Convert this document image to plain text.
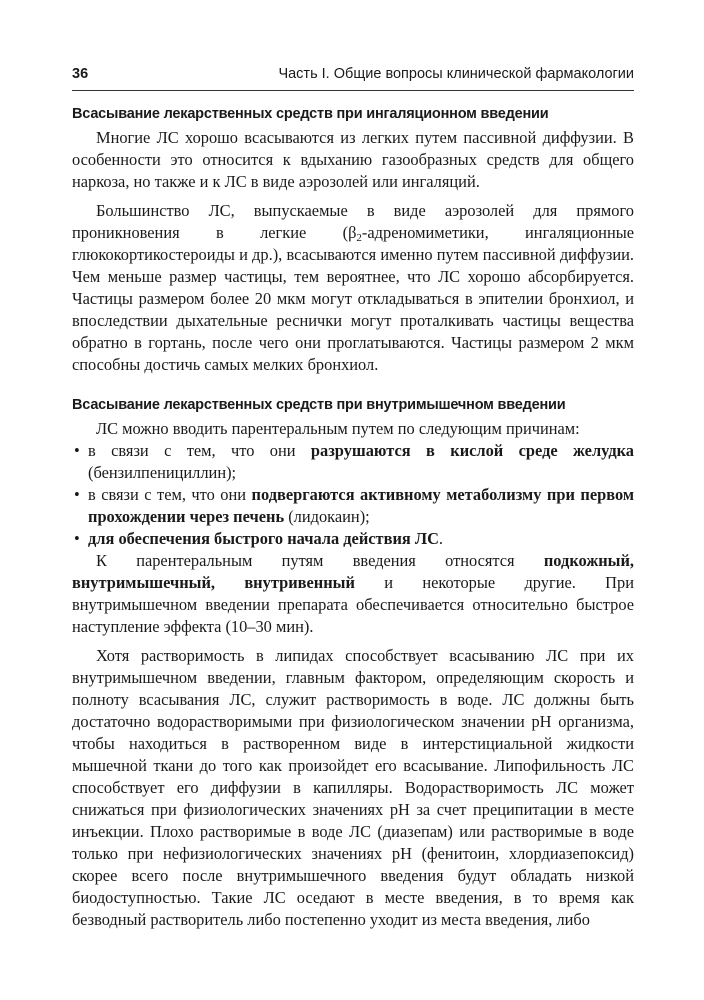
36	Часть I. Общие вопросы клинической фармакологии
Всасывание лекарственных средств при ингаляционном введении

Многие ЛС хорошо всасываются из легких путем пассивной диффузии. В особенности это относится к вдыханию газообразных средств для общего наркоза, но также и к ЛС в виде аэрозолей или ингаляций.

Большинство ЛС, выпускаемые в виде аэрозолей для прямого проникновения в легкие ($\beta_2$-адреномиметики, ингаляционные глюкокортикостероиды и др.), всасываются именно путем пассивной диффузии. Чем меньше размер частицы, тем вероятнее, что ЛС хорошо абсорбируется. Частицы размером более 20 мкм могут откладываться в эпителии бронхиол, и впоследствии дыхательные реснички могут проталкивать частицы вещества обратно в гортань, после чего они проглатываются. Частицы размером 2 мкм способны достичь самых мелких бронхиол.

Всасывание лекарственных средств при внутримышечном введении

ЛС можно вводить парентеральным путем по следующим причинам:

• в связи с тем, что они разрушаются в кислой среде желудка (бензилпенициллин);
• в связи с тем, что они подвергаются активному метаболизму при первом прохождении через печень (лидокаин);
• для обеспечения быстрого начала действия ЛС.

К парентеральным путям введения относятся подкожный, внутримышечный, внутривенный и некоторые другие. При внутримышечном введении препарата обеспечивается относительно быстрое наступление эффекта (10–30 мин).

Хотя растворимость в липидах способствует всасыванию ЛС при их внутримышечном введении, главным фактором, определяющим скорость и полноту всасывания ЛС, служит растворимость в воде. ЛС должны быть достаточно водорастворимыми при физиологическом значении рН организма, чтобы находиться в растворенном виде в интерстициальной жидкости мышечной ткани до того как произойдет его всасывание. Липофильность ЛС способствует его диффузии в капилляры. Водорастворимость ЛС может снижаться при физиологических значениях рН за счет преципитации в месте инъекции. Плохо растворимые в воде ЛС (диазепам) или растворимые в воде только при нефизиологических значениях рН (фенитоин, хлордиазепоксид) скорее всего после внутримышечного введения будут обладать низкой биодоступностью. Такие ЛС оседают в месте введения, в то время как безводный растворитель либо постепенно уходит из места введения, либо
